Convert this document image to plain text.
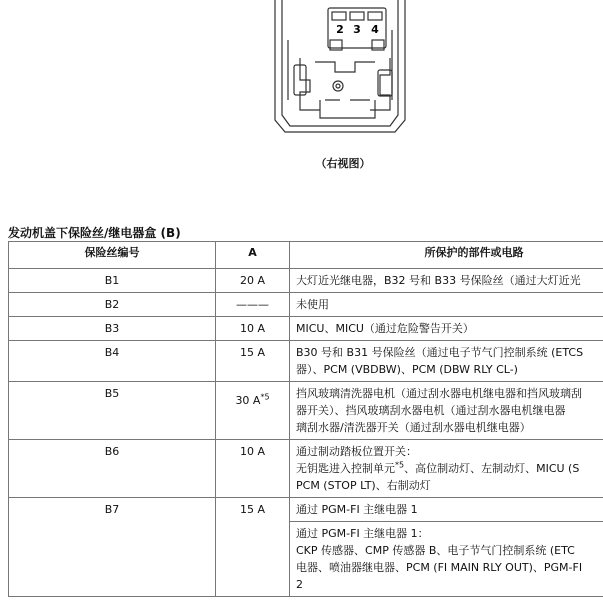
2 3 4
（右视图）
发动机盖下保险丝/继电器盒 (B)
保险丝编号	A	所保护的部件或电路
B1	20 A	大灯近光继电器，B32 号和 B33 号保险丝（通过大灯近光

B2	———	未使用

B3	10 A	MICU、MICU（通过危险警告开关）

B4	15 A	B30 号和 B31 号保险丝（通过电子节气门控制系统 (ETCS
器）、PCM (VBDBW)、PCM (DBW RLY CL-)

B5	30 $A^{*5}$	挡风玻璃清洗器电机（通过刮水器电机继电器和挡风玻璃刮
器开关）、挡风玻璃刮水器电机（通过刮水器电机继电器
璃刮水器/清洗器开关（通过刮水器电机继电器）

B6	10 A	通过制动踏板位置开关：
无钥匙进入控制单元$^{*5}$、高位制动灯、左制动灯、MICU (S
PCM (STOP LT)、右制动灯

B7	15 A	通过 PGM-FI 主继电器 1

		通过 PGM-FI 主继电器 1：
CKP 传感器、CMP 传感器 B、电子节气门控制系统 (ETC
电器、喷油器继电器、PCM (FI MAIN RLY OUT)、PGM-FI
2
